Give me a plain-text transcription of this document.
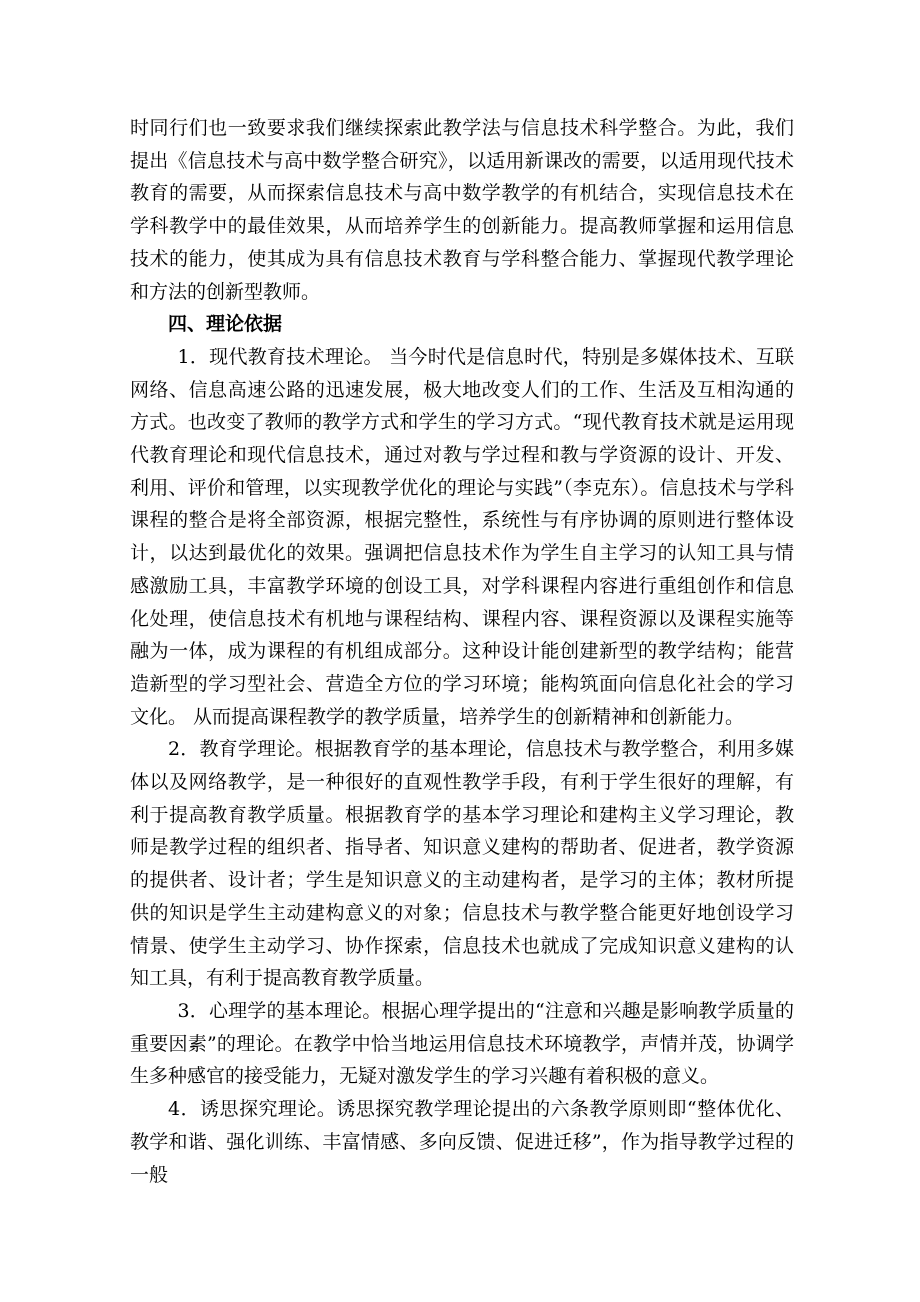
时同行们也一致要求我们继续探索此教学法与信息技术科学整合。为此，我们提出《信息技术与高中数学整合研究》，以适用新课改的需要，以适用现代技术教育的需要，从而探索信息技术与高中数学教学的有机结合，实现信息技术在学科教学中的最佳效果，从而培养学生的创新能力。提高教师掌握和运用信息技术的能力，使其成为具有信息技术教育与学科整合能力、掌握现代教学理论和方法的创新型教师。

四、理论依据

1．现代教育技术理论。 当今时代是信息时代，特别是多媒体技术、互联网络、信息高速公路的迅速发展，极大地改变人们的工作、生活及互相沟通的方式。也改变了教师的教学方式和学生的学习方式。“现代教育技术就是运用现代教育理论和现代信息技术，通过对教与学过程和教与学资源的设计、开发、利用、评价和管理，以实现教学优化的理论与实践”（李克东）。信息技术与学科课程的整合是将全部资源，根据完整性，系统性与有序协调的原则进行整体设计，以达到最优化的效果。强调把信息技术作为学生自主学习的认知工具与情感激励工具，丰富教学环境的创设工具，对学科课程内容进行重组创作和信息化处理，使信息技术有机地与课程结构、课程内容、课程资源以及课程实施等融为一体，成为课程的有机组成部分。这种设计能创建新型的教学结构；能营造新型的学习型社会、营造全方位的学习环境；能构筑面向信息化社会的学习文化。 从而提高课程教学的教学质量，培养学生的创新精神和创新能力。

2．教育学理论。根据教育学的基本理论，信息技术与教学整合，利用多媒体以及网络教学，是一种很好的直观性教学手段，有利于学生很好的理解，有利于提高教育教学质量。根据教育学的基本学习理论和建构主义学习理论，教师是教学过程的组织者、指导者、知识意义建构的帮助者、促进者，教学资源的提供者、设计者；学生是知识意义的主动建构者，是学习的主体；教材所提供的知识是学生主动建构意义的对象；信息技术与教学整合能更好地创设学习情景、使学生主动学习、协作探索，信息技术也就成了完成知识意义建构的认知工具，有利于提高教育教学质量。

3．心理学的基本理论。根据心理学提出的“注意和兴趣是影响教学质量的重要因素”的理论。在教学中恰当地运用信息技术环境教学，声情并茂，协调学生多种感官的接受能力，无疑对激发学生的学习兴趣有着积极的意义。

4．诱思探究理论。诱思探究教学理论提出的六条教学原则即“整体优化、教学和谐、强化训练、丰富情感、多向反馈、促进迁移”，作为指导教学过程的一般
